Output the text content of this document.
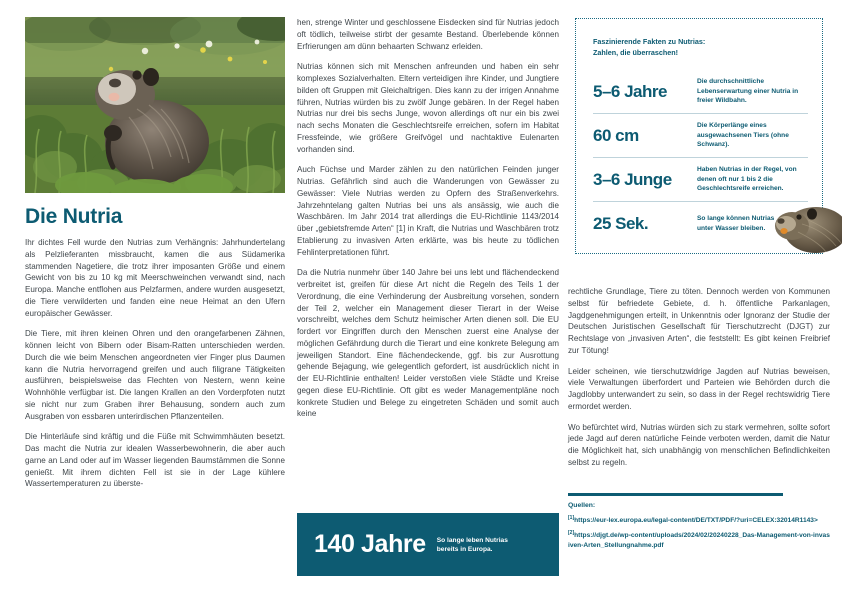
Die Nutria

Ihr dichtes Fell wurde den Nutrias zum Verhängnis: Jahrhundertelang als Pelzlieferanten missbraucht, kamen die aus Südamerika stammenden Nagetiere, die trotz ihrer imposanten Größe und einem Gewicht von bis zu 10 kg mit Meerschweinchen verwandt sind, nach Europa. Manche entflohen aus Pelzfarmen, andere wurden ausgesetzt, die Tiere verwilderten und fanden eine neue Heimat an den Ufern europäischer Gewässer.

Die Tiere, mit ihren kleinen Ohren und den orangefarbenen Zähnen, können leicht von Bibern oder Bisam-Ratten unterschieden werden. Durch die wie beim Menschen angeordneten vier Finger plus Daumen kann die Nutria hervorragend greifen und auch filigrane Tätigkeiten ausführen, beispielsweise das Flechten von Nestern, wenn keine Wohnhöhle verfügbar ist. Die langen Krallen an den Vorderpfoten nutzt sie nicht nur zum Graben ihrer Behausung, sondern auch zum Ausgraben von essbaren unterirdischen Pflanzenteilen.

Die Hinterläufe sind kräftig und die Füße mit Schwimmhäuten besetzt. Das macht die Nutria zur idealen Wasserbewohnerin, die aber auch garne an Land oder auf im Wasser liegenden Baumstämmen die Sonne genießt. Mit ihrem dichten Fell ist sie in der Lage kühlere Wassertemperaturen zu überste-

hen, strenge Winter und geschlossene Eisdecken sind für Nutrias jedoch oft tödlich, teilweise stirbt der gesamte Bestand. Überlebende können Erfrierungen am dünn behaarten Schwanz erleiden.

Nutrias können sich mit Menschen anfreunden und haben ein sehr komplexes Sozialverhalten. Eltern verteidigen ihre Kinder, und Jungtiere bilden oft Gruppen mit Gleichaltrigen. Dies kann zu der irrigen Annahme führen, Nutrias würden bis zu zwölf Junge gebären. In der Regel haben Nutrias nur drei bis sechs Junge, wovon allerdings oft nur ein bis zwei nach sechs Monaten die Geschlechtsreife erreichen, sofern im Habitat Fressfeinde, wie größere Greifvögel und nachtaktive Eulenarten vorhanden sind.

Auch Füchse und Marder zählen zu den natürlichen Feinden junger Nutrias. Gefährlich sind auch die Wanderungen von Gewässer zu Gewässer: Viele Nutrias werden zu Opfern des Straßenverkehrs. Jahrzehntelang galten Nutrias bei uns als ansässig, wie auch die Waschbären. Im Jahr 2014 trat allerdings die EU-Richtlinie 1143/2014 über „gebietsfremde Arten“ [1] in Kraft, die Nutrias und Waschbären trotz Etablierung zu invasiven Arten erklärte, was bis heute zu tödlichen Fehlinterpretationen führt.

Da die Nutria nunmehr über 140 Jahre bei uns lebt und flächendeckend verbreitet ist, greifen für diese Art nicht die Regeln des Teils 1 der Verordnung, die eine Verhinderung der Ausbreitung vorsehen, sondern der Teil 2, welcher ein Management dieser Tierart in der Weise vorschreibt, welches dem Schutz heimischer Arten dienen soll. Die EU fordert vor Eingriffen durch den Menschen zuerst eine Analyse der möglichen Gefährdung durch die Tierart und eine konkrete Belegung am jeweiligen Standort. Eine flächendeckende, ggf. bis zur Ausrottung gehende Bejagung, wie gelegentlich gefordert, ist ausdrücklich nicht in der EU-Richtlinie enthalten! Leider verstoßen viele Städte und Kreise gegen diese EU-Richtlinie. Oft gibt es weder Managementpläne noch konkrete Studien und Belege zu eingetreten Schäden und somit auch keine

140 Jahre So lange leben Nutrias bereits in Europa.
Faszinierende Fakten zu Nutrias:
Zahlen, die überraschen!
5–6 Jahre
Die durchschnittliche Lebenserwartung einer Nutria in freier Wildbahn.
60 cm
Die Körperlänge eines ausgewachsenen Tiers (ohne Schwanz).
3–6 Junge
Haben Nutrias in der Regel, von denen oft nur 1 bis 2 die Geschlechtsreife erreichen.
25 Sek.	So lange können Nutrias unter Wasser bleiben.

rechtliche Grundlage, Tiere zu töten. Dennoch werden von Kommunen selbst für befriedete Gebiete, d. h. öffentliche Parkanlagen, Jagdgenehmigungen erteilt, in Unkenntnis oder Ignoranz der Studie der Deutschen Juristischen Gesellschaft für Tierschutzrecht (DJGT) zur Rechtslage von „invasiven Arten“, die feststellt: Es gibt keinen Freibrief zur Tötung!

Leider scheinen, wie tierschutzwidrige Jagden auf Nutrias beweisen, viele Verwaltungen überfordert und Parteien wie Behörden durch die Jagdlobby unterwandert zu sein, so dass in der Regel rechtswidrig Tiere ermordet werden.

Wo befürchtet wird, Nutrias würden sich zu stark vermehren, sollte sofort jede Jagd auf deren natürliche Feinde verboten werden, damit die Natur die Möglichkeit hat, sich unabhängig von menschlichen Befindlichkeiten selbst zu regeln.

Quellen:
[1]https://eur-lex.europa.eu/legal-content/DE/TXT/PDF/?uri=CELEX:32014R1143>
[2]https://djgt.de/wp-content/uploads/2024/02/20240228_Das-Management-von-invasiven-Arten_Stellungnahme.pdf
